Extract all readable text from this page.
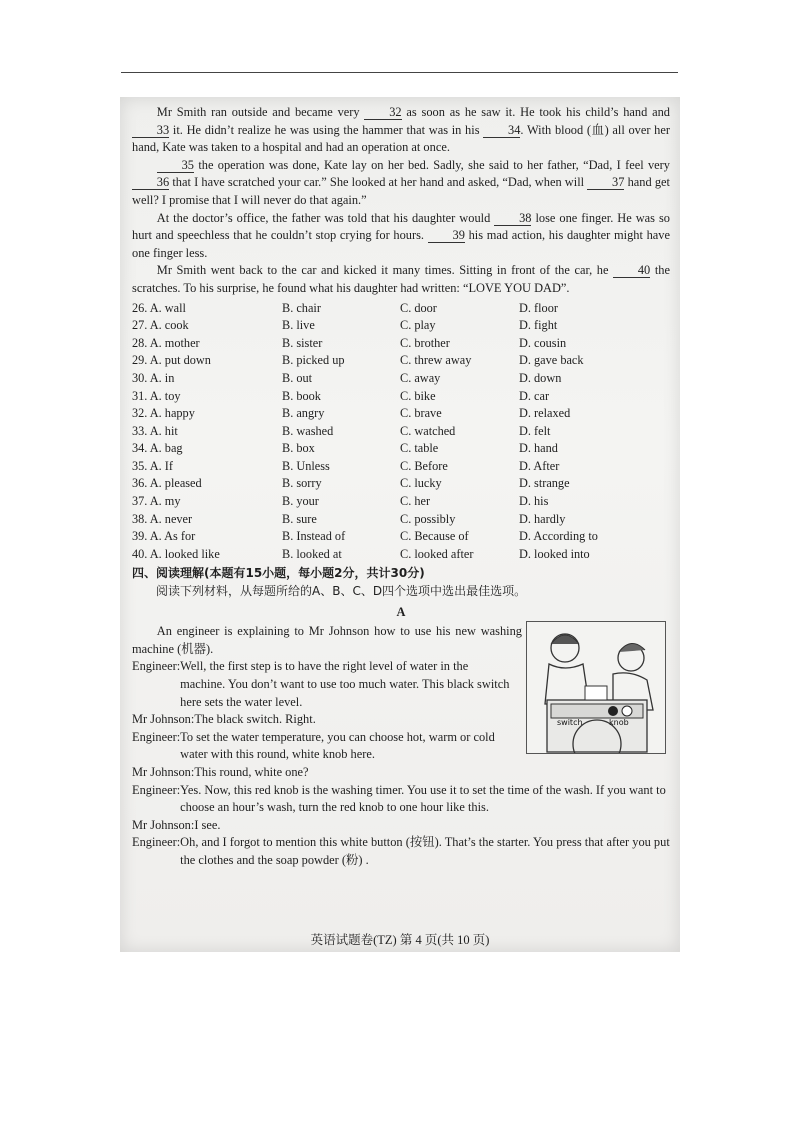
Mr Smith ran outside and became very 32 as soon as he saw it. He took his child’s hand and 33 it. He didn’t realize he was using the hammer that was in his 34. With blood (血) all over her hand, Kate was taken to a hospital and had an operation at once.

35 the operation was done, Kate lay on her bed. Sadly, she said to her father, “Dad, I feel very 36 that I have scratched your car.” She looked at her hand and asked, “Dad, when will 37 hand get well? I promise that I will never do that again.”

At the doctor’s office, the father was told that his daughter would 38 lose one finger. He was so hurt and speechless that he couldn’t stop crying for hours. 39 his mad action, his daughter might have one finger less.

Mr Smith went back to the car and kicked it many times. Sitting in front of the car, he 40 the scratches. To his surprise, he found what his daughter had written: “LOVE YOU DAD”.

26. A. wall	B. chair	C. door	D. floor
27. A. cook	B. live	C. play	D. fight
28. A. mother	B. sister	C. brother	D. cousin
29. A. put down	B. picked up	C. threw away	D. gave back
30. A. in	B. out	C. away	D. down
31. A. toy	B. book	C. bike	D. car
32. A. happy	B. angry	C. brave	D. relaxed
33. A. hit	B. washed	C. watched	D. felt
34. A. bag	B. box	C. table	D. hand
35. A. If	B. Unless	C. Before	D. After
36. A. pleased	B. sorry	C. lucky	D. strange
37. A. my	B. your	C. her	D. his
38. A. never	B. sure	C. possibly	D. hardly
39. A. As for	B. Instead of	C. Because of	D. According to
40. A. looked like	B. looked at	C. looked after	D. looked into
四、阅读理解(本题有15小题，每小题2分，共计30分)
阅读下列材料，从每题所给的A、B、C、D四个选项中选出最佳选项。
A
switch	knob

An engineer is explaining to Mr Johnson how to use his new washing machine (机器).

Engineer: Well, the first step is to have the right level of water in the machine. You don’t want to use too much water. This black switch here sets the water level.
Mr Johnson: The black switch. Right.
Engineer: To set the water temperature, you can choose hot, warm or cold water with this round, white knob here.
Mr Johnson: This round, white one?
Engineer: Yes. Now, this red knob is the washing timer. You use it to set the time of the wash. If you want to choose an hour’s wash, turn the red knob to one hour like this.
Mr Johnson: I see.
Engineer: Oh, and I forgot to mention this white button (按钮). That’s the starter. You press that after you put the clothes and the soap powder (粉) .
英语试题卷(TZ) 第 4 页(共 10 页)
